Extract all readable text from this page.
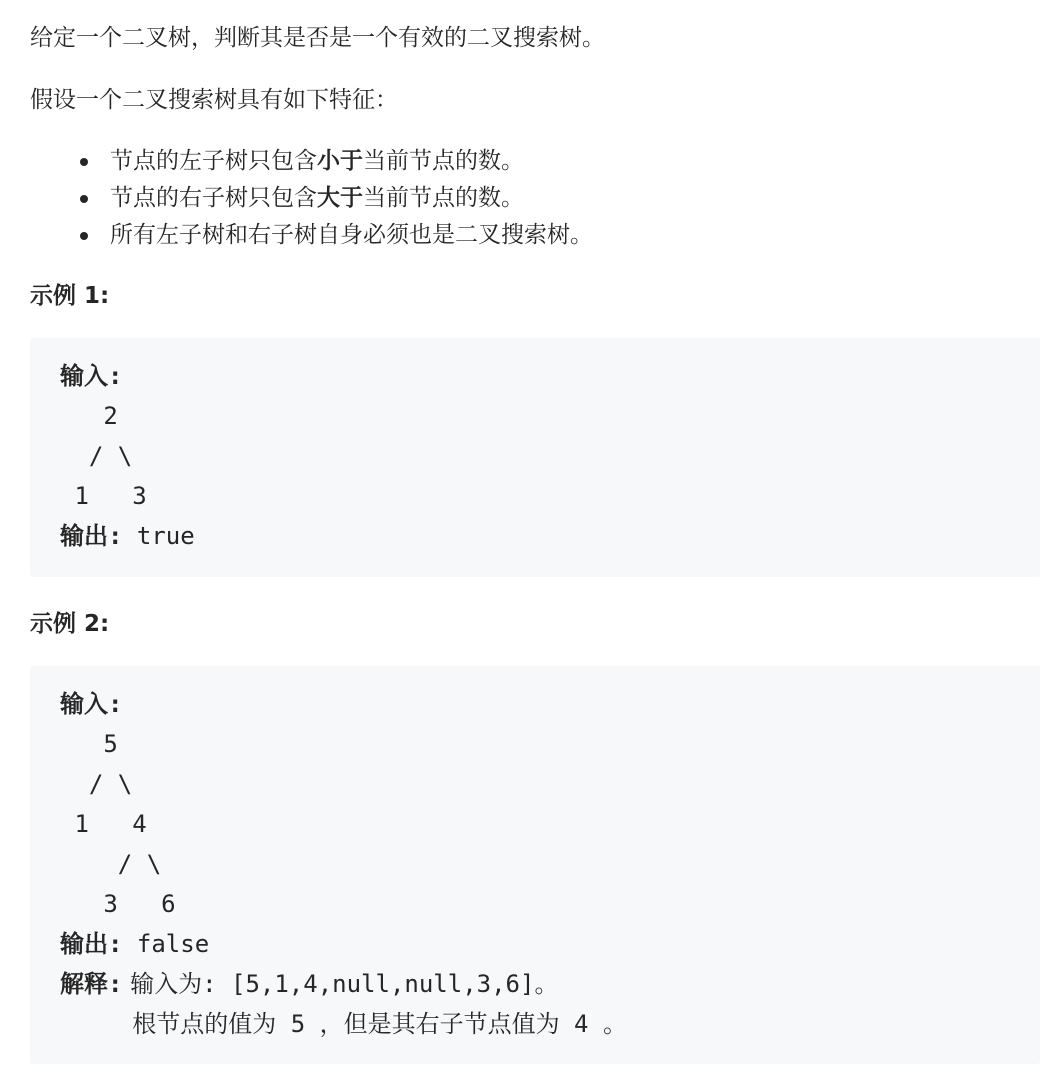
给定一个二叉树，判断其是否是一个有效的二叉搜索树。

假设一个二叉搜索树具有如下特征：

节点的左子树只包含小于当前节点的数。
节点的右子树只包含大于当前节点的数。
所有左子树和右子树自身必须也是二叉搜索树。
示例 1:
输入:
2
/ \
1   3
输出: true
示例 2:
输入:
5
/ \
1   4
/ \
3   6
输出: false
解释: 输入为: [5,1,4,null,null,3,6]。
根节点的值为 5 ，但是其右子节点值为 4 。
